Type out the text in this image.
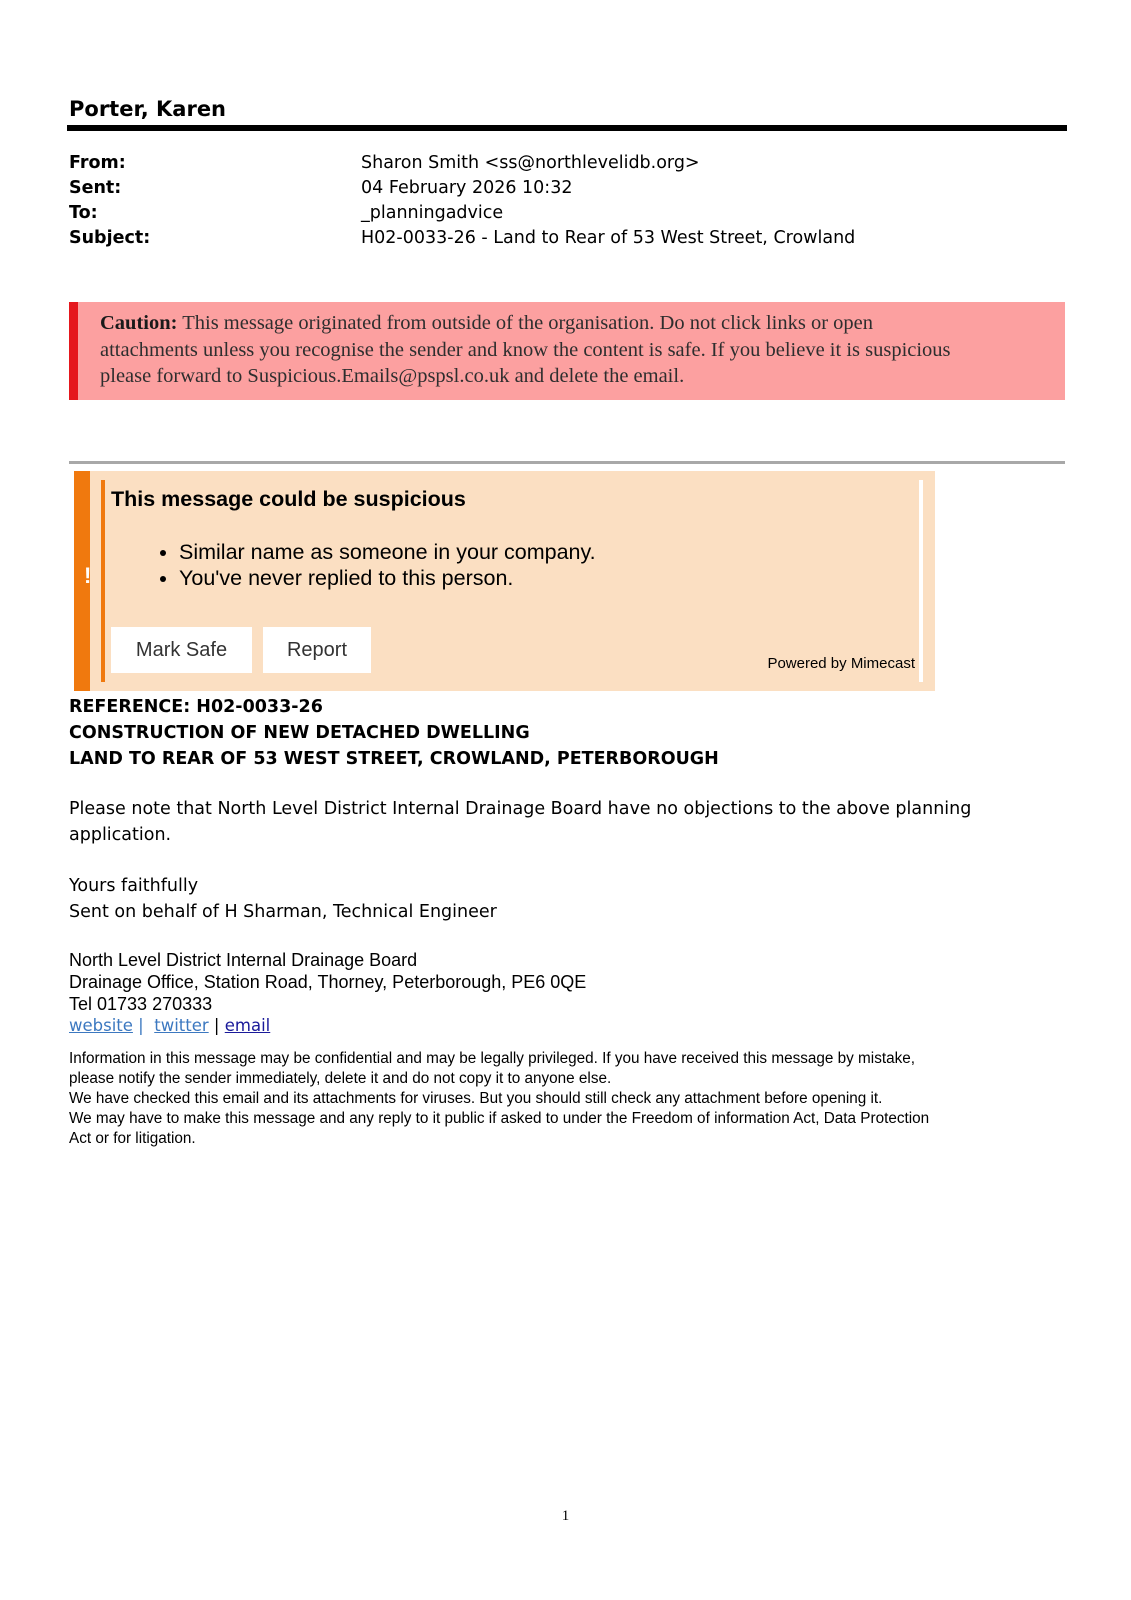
Porter, Karen
From:	Sharon Smith <ss@northlevelidb.org>
Sent:	04 February 2026 10:32
To:	_planningadvice
Subject:	H02-0033-26 - Land to Rear of 53 West Street, Crowland
Caution: This message originated from outside of the organisation. Do not click links or open
attachments unless you recognise the sender and know the content is safe. If you believe it is suspicious
please forward to Suspicious.Emails@pspsl.co.uk and delete the email.
!
This message could be suspicious
• Similar name as someone in your company.
• You've never replied to this person.
Mark Safe	Report
Powered by Mimecast
REFERENCE: H02-0033-26
CONSTRUCTION OF NEW DETACHED DWELLING
LAND TO REAR OF 53 WEST STREET, CROWLAND, PETERBOROUGH
Please note that North Level District Internal Drainage Board have no objections to the above planning
application.
Yours faithfully
Sent on behalf of H Sharman, Technical Engineer
North Level District Internal Drainage Board
Drainage Office, Station Road, Thorney, Peterborough, PE6 0QE
Tel 01733 270333
website | twitter | email

Information in this message may be confidential and may be legally privileged. If you have received this message by mistake,

please notify the sender immediately, delete it and do not copy it to anyone else.

We have checked this email and its attachments for viruses. But you should still check any attachment before opening it.

We may have to make this message and any reply to it public if asked to under the Freedom of information Act, Data Protection

Act or for litigation.

1
